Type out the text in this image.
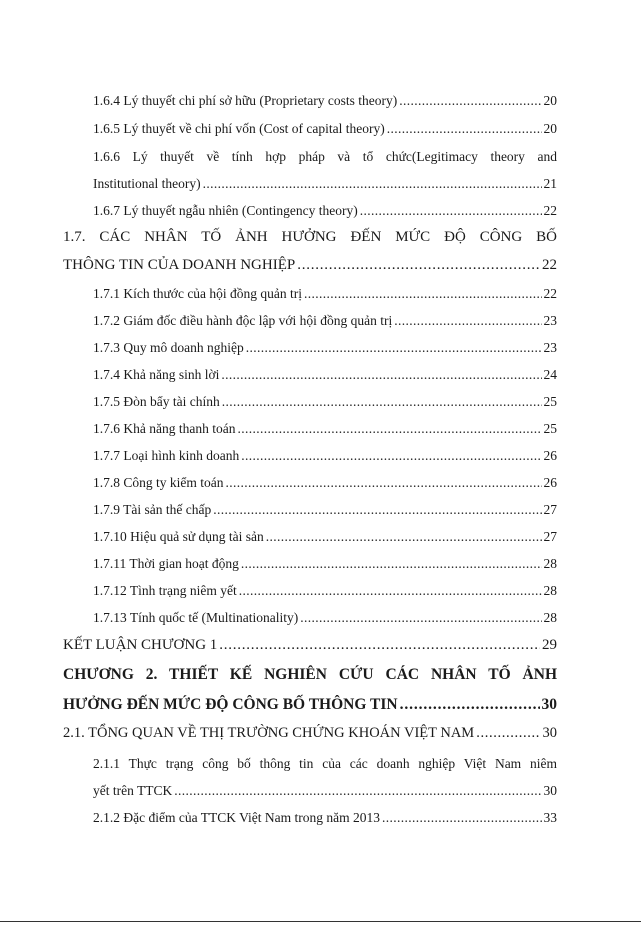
1.6.4 Lý thuyết chi phí sở hữu (Proprietary costs theory) . . .	20
1.6.5 Lý thuyết về chi phí vốn (Cost of capital theory) . . .	20
1.6.6 Lý thuyết về tính hợp pháp và tổ chức(Legitimacy theory and
Institutional theory) . . .	21
1.6.7 Lý thuyết ngẫu nhiên (Contingency theory) . . .	22
1.7. CÁC NHÂN TỐ ẢNH HƯỞNG ĐẾN MỨC ĐỘ CÔNG BỐ
THÔNG TIN CỦA DOANH NGHIỆP . . .	22
1.7.1 Kích thước của hội đồng quản trị . . .	22
1.7.2 Giám đốc điều hành độc lập với hội đồng quản trị . . .	23
1.7.3 Quy mô doanh nghiệp . . .	23
1.7.4 Khả năng sinh lời . . .	24
1.7.5 Đòn bẩy tài chính . . .	25
1.7.6 Khả năng thanh toán . . .	25
1.7.7 Loại hình kinh doanh . . .	26
1.7.8 Công ty kiểm toán . . .	26
1.7.9 Tài sản thế chấp . . .	27
1.7.10 Hiệu quả sử dụng tài sản . . .	27
1.7.11 Thời gian hoạt động . . .	28
1.7.12 Tình trạng niêm yết . . .	28
1.7.13 Tính quốc tế (Multinationality) . . .	28
KẾT LUẬN CHƯƠNG 1 . . .	29
CHƯƠNG 2. THIẾT KẾ NGHIÊN CỨU CÁC NHÂN TỐ ẢNH
HƯỞNG ĐẾN MỨC ĐỘ CÔNG BỐ THÔNG TIN . . .	30
2.1. TỔNG QUAN VỀ THỊ TRƯỜNG CHỨNG KHOÁN VIỆT NAM . . .	30
2.1.1 Thực trạng công bố thông tin của các doanh nghiệp Việt Nam niêm
yết trên TTCK . . .	30
2.1.2 Đặc điểm của TTCK Việt Nam trong năm 2013 . . .	33
